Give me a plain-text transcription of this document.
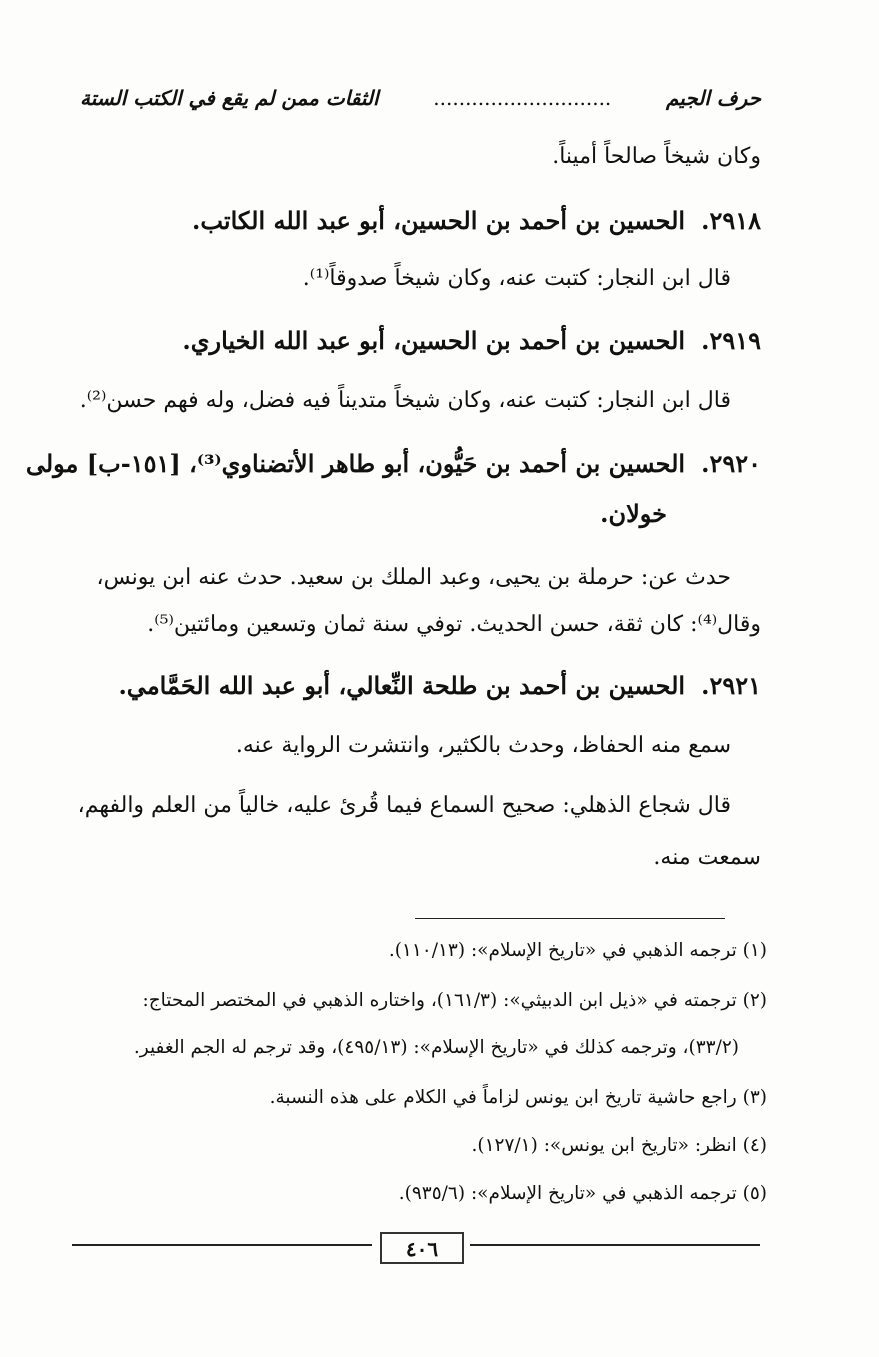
حرف الجيم
............................
الثقات ممن لم يقع في الكتب الستة
وكان شيخاً صالحاً أميناً.
٢٩١٨.الحسين بن أحمد بن الحسين، أبو عبد الله الكاتب.
قال ابن النجار: كتبت عنه، وكان شيخاً صدوقاً⁽¹⁾.
٢٩١٩.الحسين بن أحمد بن الحسين، أبو عبد الله الخياري.
قال ابن النجار: كتبت عنه، وكان شيخاً متديناً فيه فضل، وله فهم حسن⁽²⁾.
٢٩٢٠.الحسين بن أحمد بن حَيُّون، أبو طاهر الأتضناوي⁽³⁾، [١٥١-ب] مولى
خولان.
حدث عن: حرملة بن يحيى، وعبد الملك بن سعيد. حدث عنه ابن يونس،
وقال⁽⁴⁾: كان ثقة، حسن الحديث. توفي سنة ثمان وتسعين ومائتين⁽⁵⁾.
٢٩٢١.الحسين بن أحمد بن طلحة النِّعالي، أبو عبد الله الحَمَّامي.
سمع منه الحفاظ، وحدث بالكثير، وانتشرت الرواية عنه.
قال شجاع الذهلي: صحيح السماع فيما قُرئ عليه، خالياً من العلم والفهم،
سمعت منه.
(١) ترجمه الذهبي في «تاريخ الإسلام»: (١١٠/١٣).
(٢) ترجمته في «ذيل ابن الدبيثي»: (١٦١/٣)، واختاره الذهبي في المختصر المحتاج:
(٣٣/٢)، وترجمه كذلك في «تاريخ الإسلام»: (٤٩٥/١٣)، وقد ترجم له الجم الغفير.
(٣) راجع حاشية تاريخ ابن يونس لزاماً في الكلام على هذه النسبة.
(٤) انظر: «تاريخ ابن يونس»: (١٢٧/١).
(٥) ترجمه الذهبي في «تاريخ الإسلام»: (٩٣٥/٦).
٤٠٦
